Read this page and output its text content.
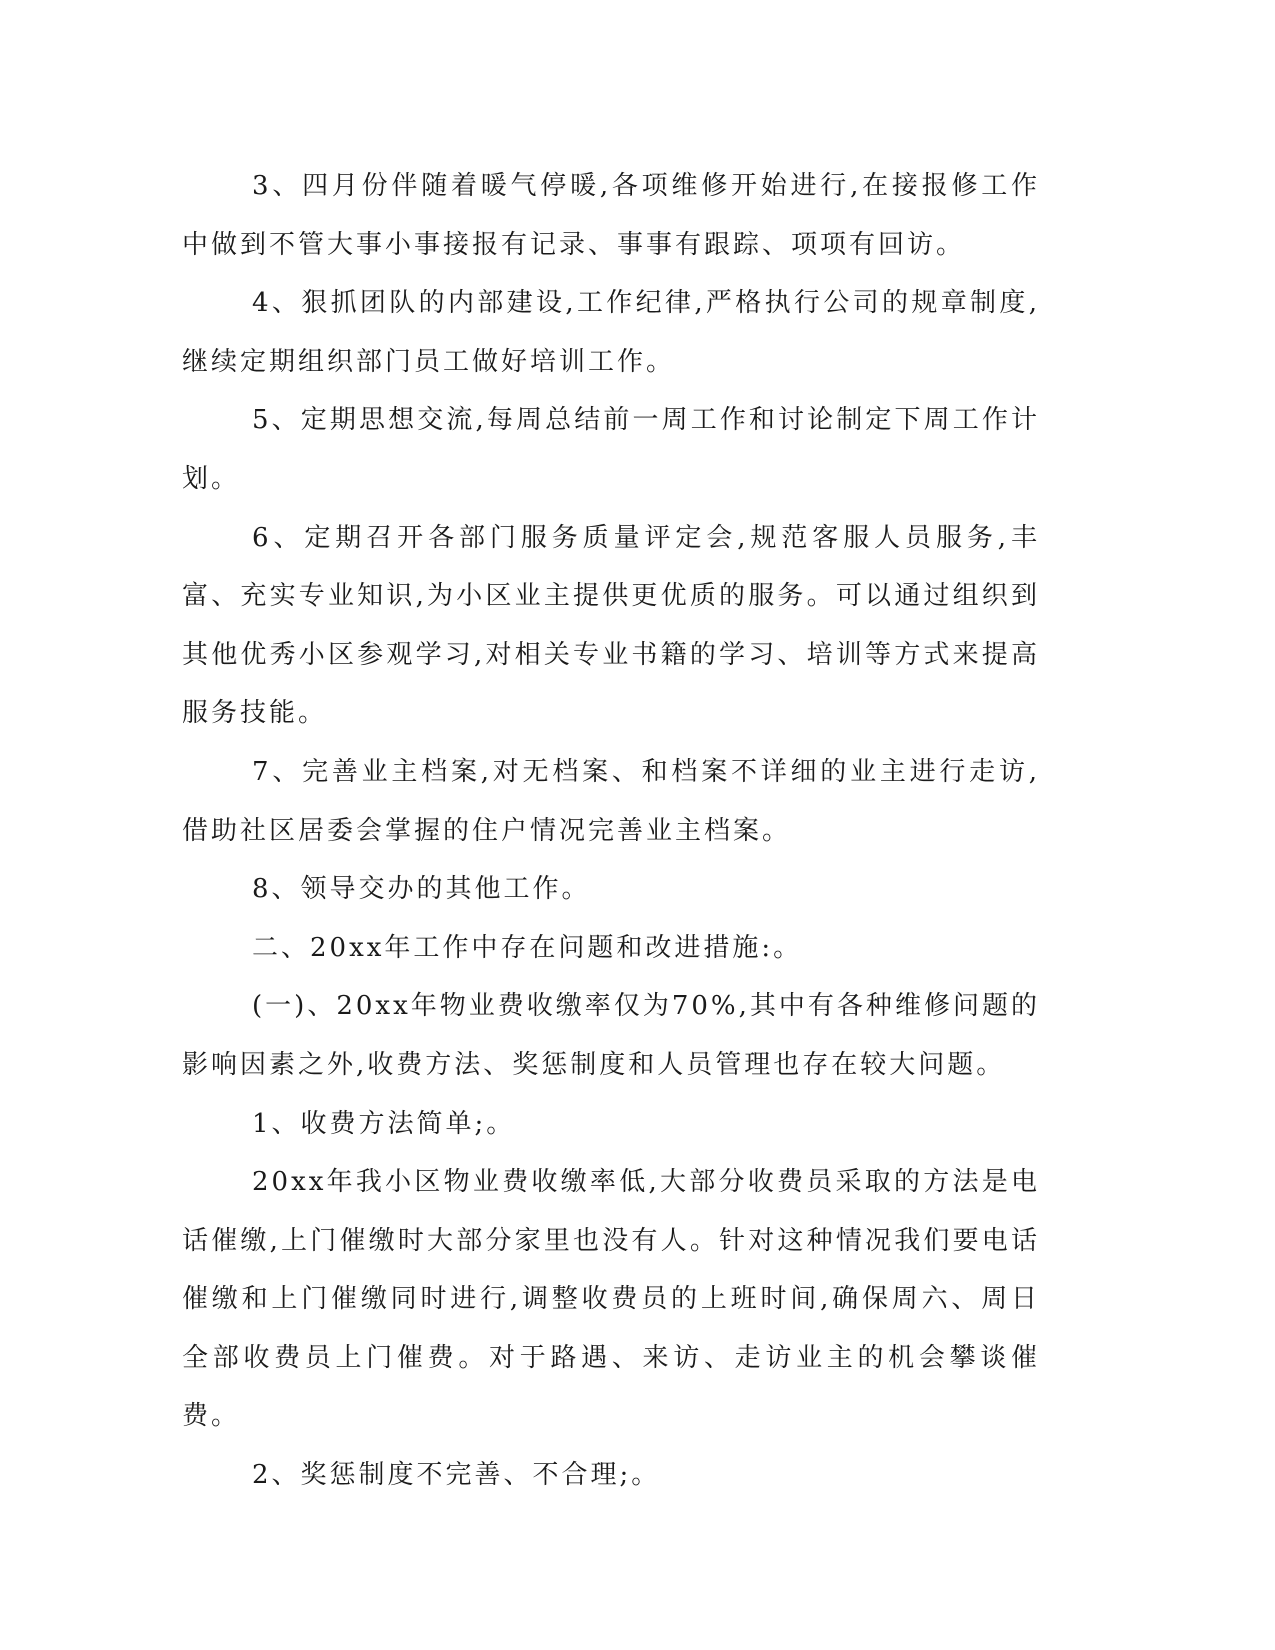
3、四月份伴随着暖气停暖,各项维修开始进行,在接报修工作中做到不管大事小事接报有记录、事事有跟踪、项项有回访。

4、狠抓团队的内部建设,工作纪律,严格执行公司的规章制度,继续定期组织部门员工做好培训工作。

5、定期思想交流,每周总结前一周工作和讨论制定下周工作计划。

6、定期召开各部门服务质量评定会,规范客服人员服务,丰富、充实专业知识,为小区业主提供更优质的服务。可以通过组织到其他优秀小区参观学习,对相关专业书籍的学习、培训等方式来提高服务技能。

7、完善业主档案,对无档案、和档案不详细的业主进行走访,借助社区居委会掌握的住户情况完善业主档案。

8、领导交办的其他工作。

二、20xx年工作中存在问题和改进措施:。

(一)、20xx年物业费收缴率仅为70%,其中有各种维修问题的影响因素之外,收费方法、奖惩制度和人员管理也存在较大问题。

1、收费方法简单;。

20xx年我小区物业费收缴率低,大部分收费员采取的方法是电话催缴,上门催缴时大部分家里也没有人。针对这种情况我们要电话催缴和上门催缴同时进行,调整收费员的上班时间,确保周六、周日全部收费员上门催费。对于路遇、来访、走访业主的机会攀谈催费。

2、奖惩制度不完善、不合理;。
